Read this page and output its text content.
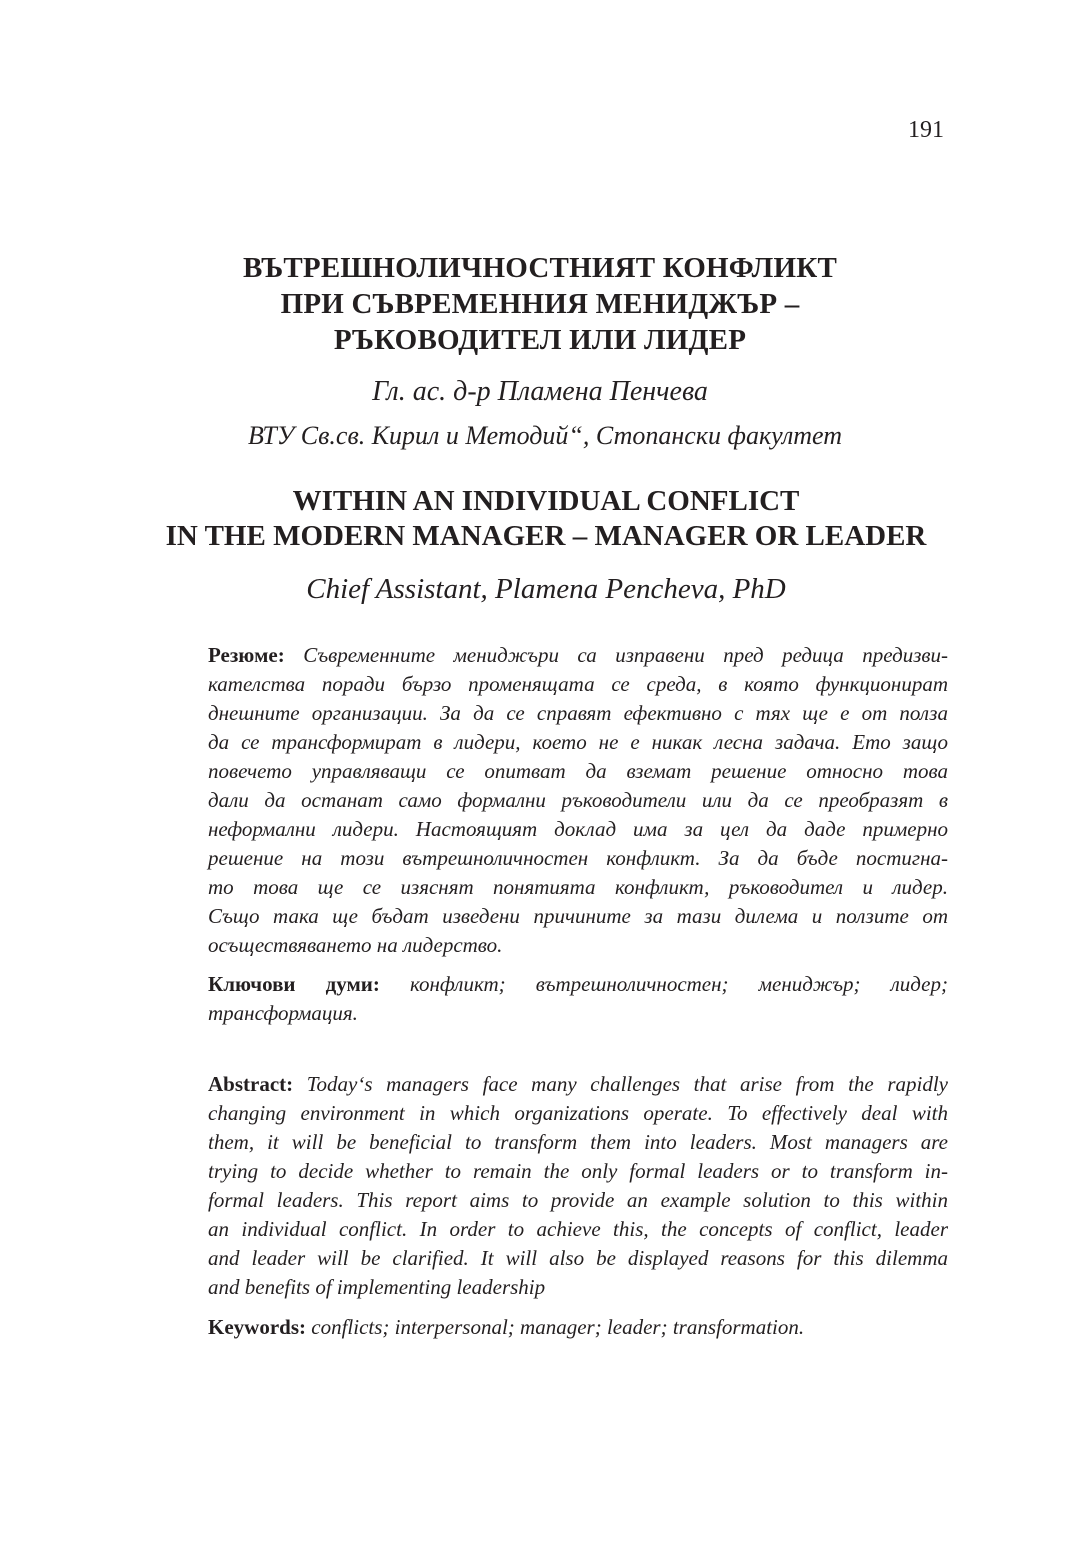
191
ВЪТРЕШНОЛИЧНОСТНИЯТ КОНФЛИКТ
ПРИ СЪВРЕМЕННИЯ МЕНИДЖЪР –
РЪКОВОДИТЕЛ ИЛИ ЛИДЕР
Гл. ас. д-р Пламена Пенчева
ВТУ Св.св. Кирил и Методий“, Стопански факултет
WITHIN AN INDIVIDUAL CONFLICT
IN THE MODERN MANAGER – MANAGER OR LEADER
Chief Assistant, Plamena Pencheva, PhD
Резюме: Съвременните мениджъри са изправени пред редица предизви-
кателства поради бързо променящата се среда, в която функционират
днешните организации. За да се справят ефективно с тях ще е от полза
да се трансформират в лидери, което не е никак лесна задача. Ето защо
повечето управляващи се опитват да вземат решение относно това
дали да останат само формални ръководители или да се преобразят в
неформални лидери. Настоящият доклад има за цел да даде примерно
решение на този вътрешноличностен конфликт. За да бъде постигна-
то това ще се изяснят понятията конфликт, ръководител и лидер.
Също така ще бъдат изведени причините за тази дилема и ползите от
осъществяването на лидерство.
Ключови думи: конфликт; вътрешноличностен; мениджър; лидер;
трансформация.
Abstract: Today‘s managers face many challenges that arise from the rapidly
changing environment in which organizations operate. To effectively deal with
them, it will be beneficial to transform them into leaders. Most managers are
trying to decide whether to remain the only formal leaders or to transform in-
formal leaders. This report aims to provide an example solution to this within
an individual conflict. In order to achieve this, the concepts of conflict, leader
and leader will be clarified. It will also be displayed reasons for this dilemma
and benefits of implementing leadership
Keywords: conflicts; interpersonal; manager; leader; transformation.
